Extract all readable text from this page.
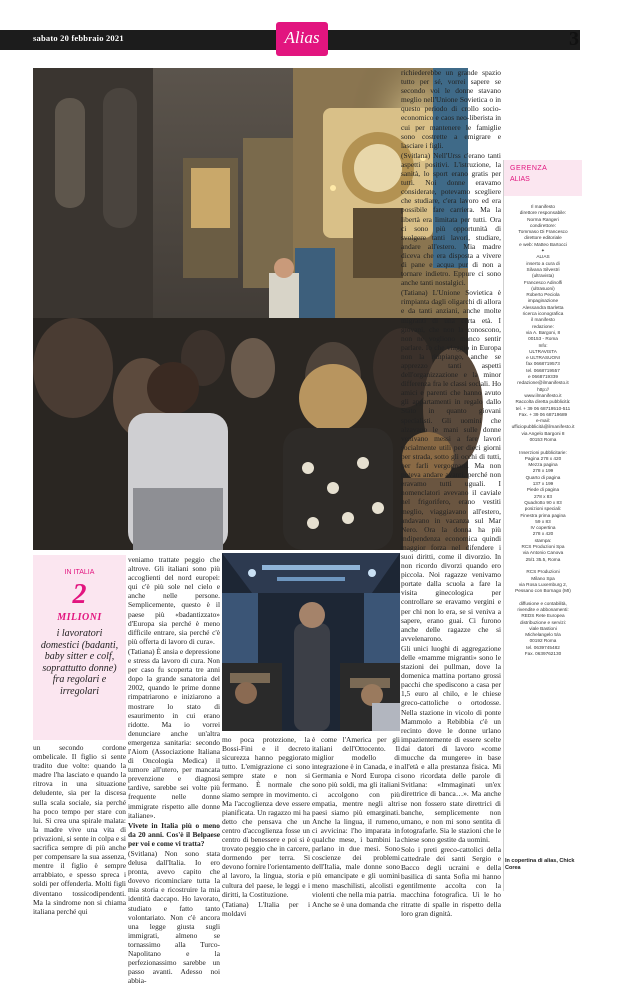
sabato 20 febbraio 2021	Alias	3
IN ITALIA
2
MILIONI
i lavoratori domestici (badanti, baby sitter e colf, soprattutto donne) fra regolari e irregolari

un secondo cordone ombelicale. Il figlio si sente tradito due volte: quando la madre l'ha lasciato e quando la ritrova in una situazione deludente, sia per la discesa sulla scala sociale, sia perché ha poco tempo per stare con lui. Si crea una spirale malata: la madre vive una vita di privazioni, si sente in colpa e si sacrifica sempre di più anche per compensare la sua assenza, mentre il figlio è sempre arrabbiato, e spesso spreca i soldi per offenderla. Molti figli diventano tossicodipendenti. Ma la sindrome non si chiama italiana perché qui

veniamo trattate peggio che altrove. Gli italiani sono più accoglienti del nord europei: qui c'è più sole nel cielo e anche nelle persone. Semplicemente, questo è il paese più «badantizzato» d'Europa sia perché è meno difficile entrare, sia perché c'è più offerta di lavoro di cura».

(Tatiana) È ansia e depressione e stress da lavoro di cura. Non per caso fu scoperta tre anni dopo la grande sanatoria del 2002, quando le prime donne rimpatriarono e iniziarono a mostrare lo stato di esaurimento in cui erano ridotte. Ma io vorrei denunciare anche un'altra emergenza sanitaria: secondo l'Aiom (Associazione Italiana di Oncologia Medica) il tumore all'utero, per mancata prevenzione e diagnosi tardive, sarebbe sei volte più frequente nelle donne immigrate rispetto alle donne italiane».

Vivete in Italia più o meno da 20 anni. Cos'è il Belpaese per voi e come vi tratta?

(Svitlana) Non sono stata delusa dall'Italia. Io ero pronta, avevo capito che dovevo ricominciare tutta la mia storia e ricostruire la mia identità daccapo. Ho lavorato, studiato e fatto tanto volontariato. Non c'è ancora una legge giusta sugli immigrati, almeno se tornassimo alla Turco-Napolitano e la perfezionassimo sarebbe un passo avanti. Adesso noi abbia-

mo poca protezione, la Bossi-Fini e il decreto sicurezza hanno peggiorato tutto. L'emigrazione ci sono sempre state e non si fermano. È normale che siamo sempre in movimento. Ma l'accoglienza deve essere pianificata. Un ragazzo mi ha detto che pensava che un centro d'accoglienza fosse un centro di benessere e poi si è trovato peggio che in carcere, dormendo per terra. Si devono fornire l'orientamento al lavoro, la lingua, storia e cultura del paese, le leggi e i diritti, la Costituzione.

(Tatiana) L'Italia per i moldavi

è come l'America per gli italiani dell'Ottocento. Il miglior modello di integrazione è in Canada, e in Germania e Nord Europa ci sono più soldi, ma gli italiani ci accolgono con più empatia, mentre negli altri paesi siamo più emarginati. Anche la lingua, il rumeno, ci avvicina: l'ho imparata in qualche mese, i bambini la parlano in due mesi. Sono coscienze dei problemi dell'Italia, male donne sono più emancipate e gli uomini meno maschilisti, alcolisti e violenti che nella mia patria.

Anche se è una domanda che

richiederebbe un grande spazio tutto per sé, vorrei sapere se secondo voi le donne stavano meglio nell'Unione Sovietica o in questo periodo di crollo socio-economico e caos neo-liberista in cui per mantenere le famiglie sono costrette a emigrare e lasciare i figli.

(Svitlana) Nell'Urss c'erano tanti aspetti positivi. L'istruzione, la sanità, lo sport erano gratis per tutti. Noi donne eravamo considerate, potevamo scegliere che studiare, c'era lavoro ed era possibile fare carriera. Ma la libertà era limitata per tutti. Ora ci sono più opportunità di svolgere tanti lavori, studiare, andare all'estero. Mia madre diceva che era disposta a vivere di pane e acqua pur di non a tornare indietro. Eppure ci sono anche tanti nostalgici.

(Tatiana) L'Unione Sovietica è rimpianta dagli oligarchi di allora e da tanti anziani, anche molte migranti di una certa età. I giovani, che non la conoscono, non ne vogliono manco sentir parlare. Io che viaggio in Europa non la rimpiango, anche se apprezzo tanti aspetti dell'organizzazione e la minor differenza fra le classi sociali. Ho amici e parenti che hanno avuto gli appartamenti in regalo dallo Stato in quanto giovani specialisti. Gli uomini che alzavano le mani sulle donne venivano messi a fare lavori socialmente utili per dieci giorni per strada, sotto gli occhi di tutti, per farli vergognare. Ma non poteva andare avanti, perché non eravamo tutti uguali. I nomenclatori avevano il caviale nel frigorifero, erano vestiti meglio, viaggiavano all'estero, andavano in vacanza sul Mar Nero. Ora la donna ha più indipendenza economica quindi maggior forza nel difendere i suoi diritti, come il divorzio. In non ricordo divorzi quando ero piccola. Noi ragazze venivamo portate dalla scuola a fare la visita ginecologica per controllare se eravamo vergini e per chi non lo era, se si veniva a sapere, erano guai. Ci furono anche delle ragazze che si avvelenarono.

Gli unici luoghi di aggregazione delle «mamme migranti» sono le stazioni dei pullman, dove la domenica mattina portano grossi pacchi che spediscono a casa per 1,5 euro al chilo, e le chiese greco-cattoliche o ortodosse. Nella stazione in vicolo di ponte Mammolo a Rebibbia c'è un recinto dove le donne urlano impazientemente di essere scelte dai datori di lavoro «come mucche da mungere» in base all'età e alla prestanza fisica. Mi sono ricordata delle parole di Svitlana: «Immaginati un'ex direttrice di banca…». Ma anche se non fossero state direttrici di banche, semplicemente non umano, e non mi sono sentita di fotografarle. Sia le stazioni che le chiese sono gestite da uomini.

Solo i preti greco-cattolici della cattedrale dei santi Sergio e Bacco degli ucraini e della basilica di santa Sofia mi hanno gentilmente accolta con la macchina fotografica. Ui le ho ritratte di spalle in rispetto della loro gran dignità.

GERENZA
ALIAS
Il manifesto
direttore responsabile:
Norma Rangeri
condirettore:
Tommaso Di Francesco
direttore editoriale
e web: Matteo Bartocci
✦
ALIAS
inserto a cura di
Silvana Silvestri
(ultravista)
Francesco Adinolfi
(ultrasuoni)
Roberto Peciola
impaginazione
Alessandra Barletta
ricerca iconografica
il manifesto
redazione:
via A. Bargoni, 8
00153 - Roma
Info:
ULTRAVISTA
e ULTRASUONI
fax 0668719573
tel. 0668719557
e 0668719339
redazione@ilmanifesto.it
http://
www.ilmanifesto.it
Raccolta diretta pubblicità:
tel. + 39 06 68719510-511
Fax. + 39 06 68719689
e-mail:
ufficiopubblicità@ilmanifesto.it
via Angelo Bargoni 8
00153 Roma

Inserzioni pubblicitarie:
Pagina 278 x 420
Mezza pagina
278 x 199
Quarto di pagina
137 x 199
Piede di pagina
278 x 83
Quadrotto 90 x 83
posizioni speciali:
Finestra prima pagina
59 x 83
IV copertina
278 x 420
stampa:
RCS Produzioni Spa
via Antonio Canova
25/1 35.5, Roma

RCS Produzioni
Milano Spa
via Rosa Luxemburg 2,
Pessano con Bornago (MI)

diffusione e contabilità,
rivendite e abbonamenti:
REDS Rete Europea
distribuzione e servizi:
viale Bastioni
Michelangelo 5/a
00192 Roma
tel. 0639745482
Fax. 0639762130
In copertina di alias, Chick Corea
